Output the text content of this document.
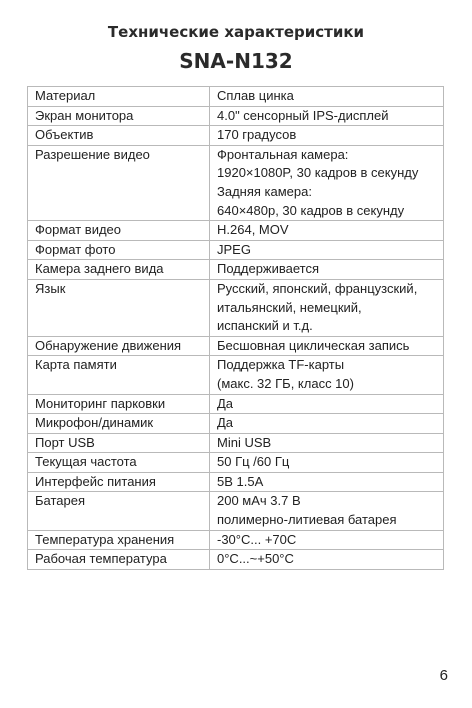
Технические характеристики
SNA-N132
Материал	Сплав цинка

Экран монитора	4.0" сенсорный IPS-дисплей

Объектив	170 градусов

Разрешение видео	Фронтальная камера:
1920×1080P, 30 кадров в секунду
Задняя камера:
640×480p, 30 кадров в секунду

Формат видео	H.264, MOV

Формат фото	JPEG

Камера заднего вида	Поддерживается

Язык	Русский, японский, французский,
итальянский, немецкий,
испанский и т.д.

Обнаружение движения	Бесшовная циклическая запись

Карта памяти	Поддержка TF-карты
(макс. 32 ГБ, класс 10)

Мониторинг парковки	Да

Микрофон/динамик	Да

Порт USB	Mini USB

Текущая частота	50 Гц /60 Гц

Интерфейс питания	5В 1.5А

Батарея	200 мАч 3.7 В
полимерно-литиевая батарея

Температура хранения	-30°С... +70С

Рабочая температура	0°С...~+50°С
6
